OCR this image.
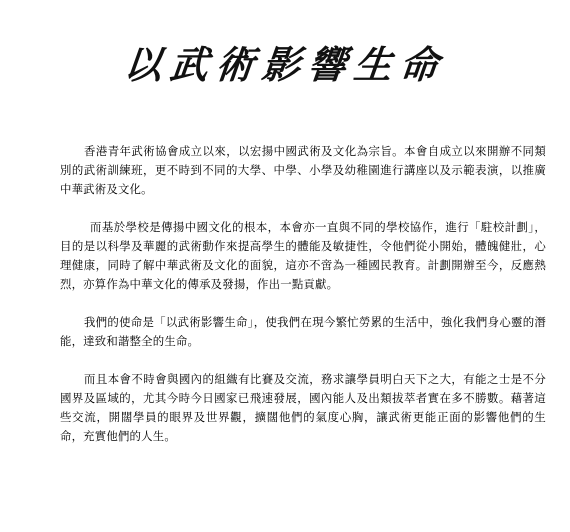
以武術影響生命

香港青年武術協會成立以來，以宏揚中國武術及文化為宗旨。本會自成立以來開辦不同類別的武術訓練班，更不時到不同的大學、中學、小學及幼稚園進行講座以及示範表演，以推廣中華武術及文化。

而基於學校是傳揚中國文化的根本，本會亦一直與不同的學校協作，進行「駐校計劃」，目的是以科學及華麗的武術動作來提高學生的體能及敏捷性，令他們從小開始，體魄健壯，心理健康，同時了解中華武術及文化的面貌，這亦不啻為一種國民教育。計劃開辦至今，反應熱烈，亦算作為中華文化的傳承及發揚，作出一點貢獻。

我們的使命是「以武術影響生命」，使我們在現今繁忙勞累的生活中，強化我們身心靈的潛能，達致和諧整全的生命。

而且本會不時會與國內的組織有比賽及交流，務求讓學員明白天下之大，有能之士是不分國界及區域的，尤其今時今日國家已飛速發展，國內能人及出類拔萃者實在多不勝數。藉著這些交流，開闊學員的眼界及世界觀，擴闊他們的氣度心胸，讓武術更能正面的影響他們的生命，充實他們的人生。
